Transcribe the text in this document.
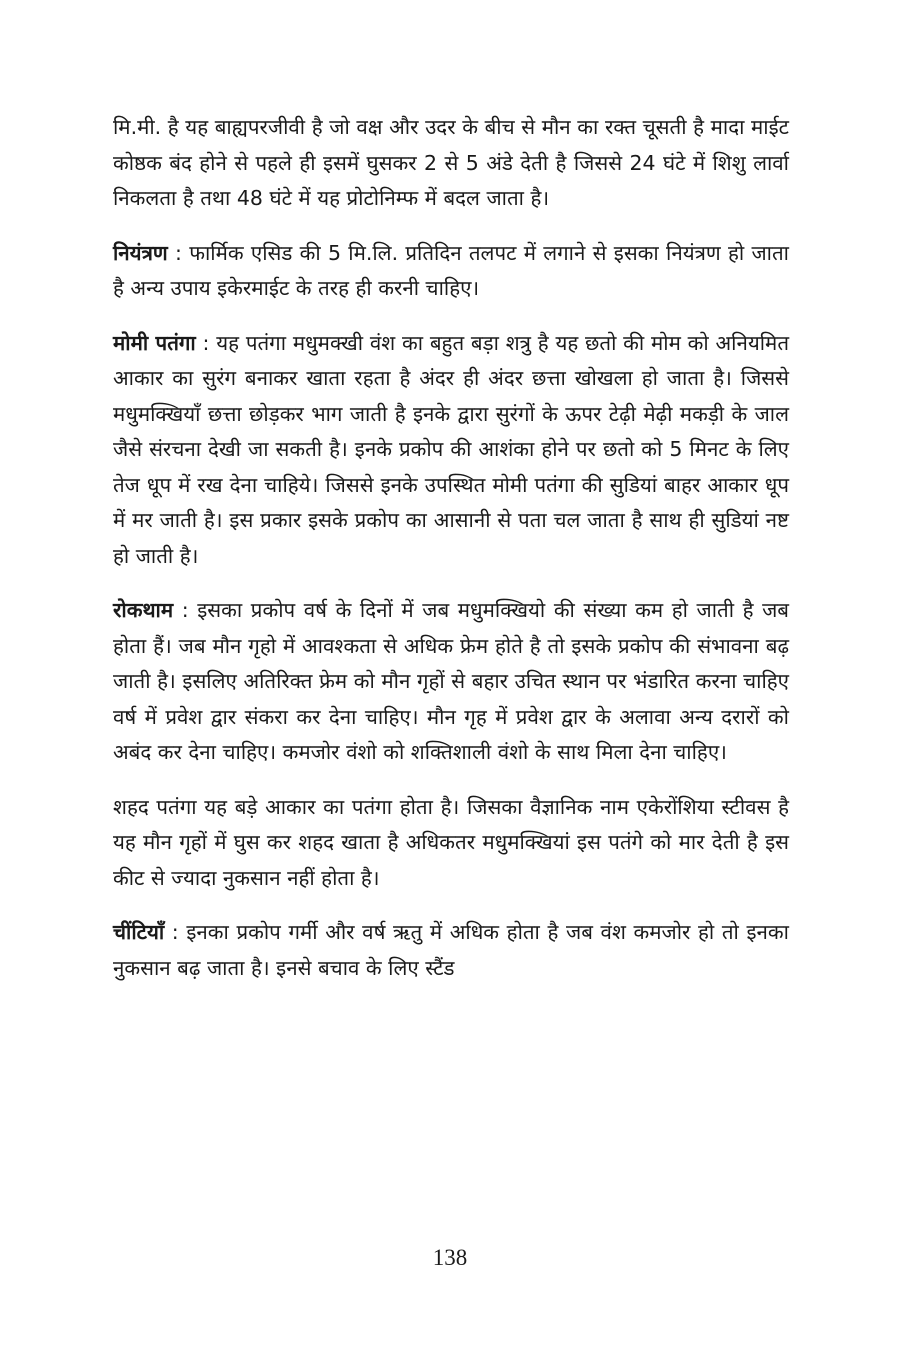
मि.मी. है यह बाह्यपरजीवी है जो वक्ष और उदर के बीच से मौन का रक्त चूसती है मादा माईट कोष्ठक बंद होने से पहले ही इसमें घुसकर 2 से 5 अंडे देती है जिससे 24 घंटे में शिशु लार्वा निकलता है तथा 48 घंटे में यह प्रोटोनिम्फ में बदल जाता है।

नियंत्रण : फार्मिक एसिड की 5 मि.लि. प्रतिदिन तलपट में लगाने से इसका नियंत्रण हो जाता है अन्य उपाय इकेरमाईट के तरह ही करनी चाहिए।

मोमी पतंगा : यह पतंगा मधुमक्खी वंश का बहुत बड़ा शत्रु है यह छतो की मोम को अनियमित आकार का सुरंग बनाकर खाता रहता है अंदर ही अंदर छत्ता खोखला हो जाता है। जिससे मधुमक्खियाँ छत्ता छोड़कर भाग जाती है इनके द्वारा सुरंगों के ऊपर टेढ़ी मेढ़ी मकड़ी के जाल जैसे संरचना देखी जा सकती है। इनके प्रकोप की आशंका होने पर छतो को 5 मिनट के लिए तेज धूप में रख देना चाहिये। जिससे इनके उपस्थित मोमी पतंगा की सुडियां बाहर आकार धूप में मर जाती है। इस प्रकार इसके प्रकोप का आसानी से पता चल जाता है साथ ही सुडियां नष्ट हो जाती है।

रोकथाम : इसका प्रकोप वर्ष के दिनों में जब मधुमक्खियो की संख्या कम हो जाती है जब होता हैं। जब मौन गृहो में आवश्कता से अधिक फ्रेम होते है तो इसके प्रकोप की संभावना बढ़ जाती है। इसलिए अतिरिक्त फ्रेम को मौन गृहों से बहार उचित स्थान पर भंडारित करना चाहिए वर्ष में प्रवेश द्वार संकरा कर देना चाहिए। मौन गृह में प्रवेश द्वार के अलावा अन्य दरारों को अबंद कर देना चाहिए। कमजोर वंशो को शक्तिशाली वंशो के साथ मिला देना चाहिए।

शहद पतंगा यह बड़े आकार का पतंगा होता है। जिसका वैज्ञानिक नाम एकेरोंशिया स्टीवस है यह मौन गृहों में घुस कर शहद खाता है अधिकतर मधुमक्खियां इस पतंगे को मार देती है इस कीट से ज्यादा नुकसान नहीं होता है।

चींटियाँ : इनका प्रकोप गर्मी और वर्ष ऋतु में अधिक होता है जब वंश कमजोर हो तो इनका नुकसान बढ़ जाता है। इनसे बचाव के लिए स्टैंड

138
